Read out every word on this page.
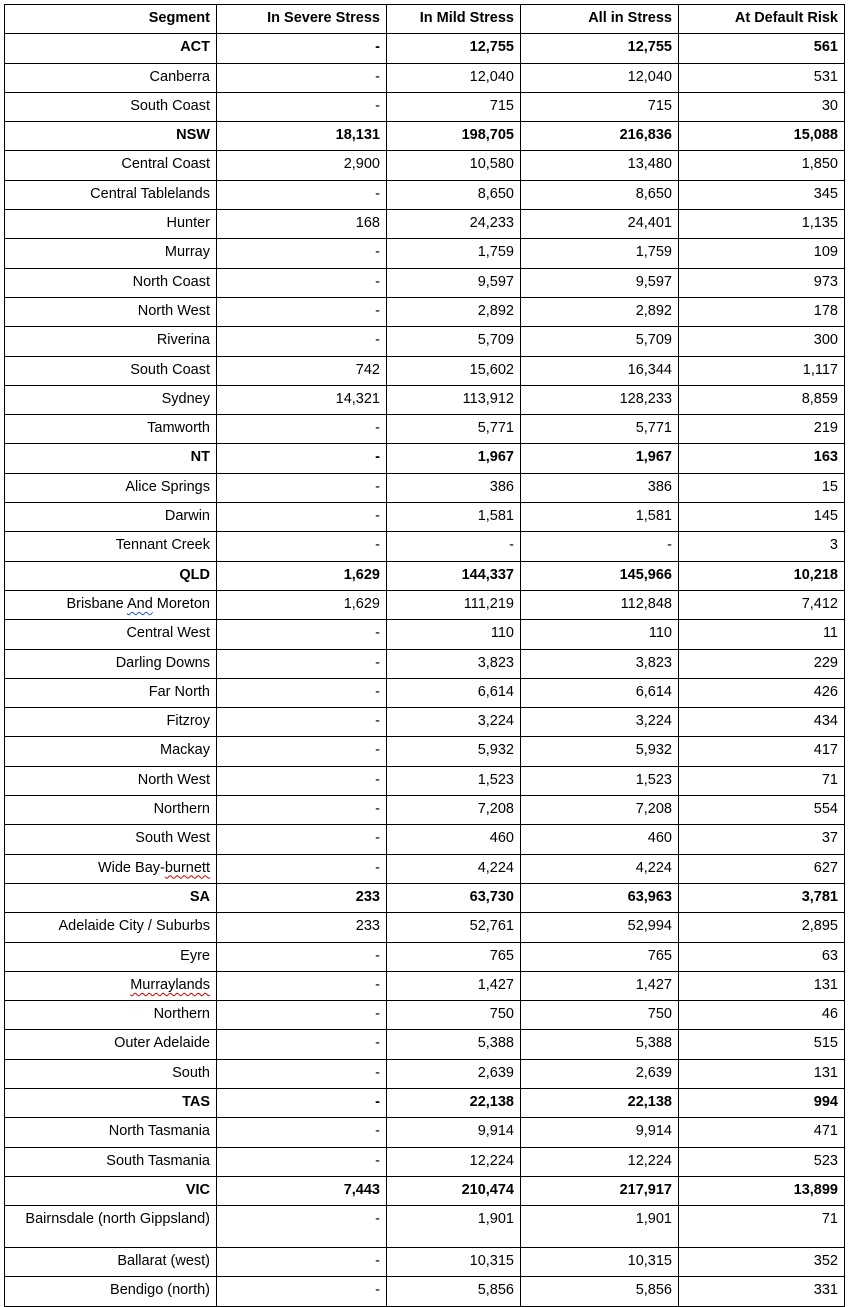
Segment	In Severe Stress	In Mild Stress	All in Stress	At Default Risk
ACT	-	12,755	12,755	561
Canberra	-	12,040	12,040	531
South Coast	-	715	715	30
NSW	18,131	198,705	216,836	15,088
Central Coast	2,900	10,580	13,480	1,850
Central Tablelands	-	8,650	8,650	345
Hunter	168	24,233	24,401	1,135
Murray	-	1,759	1,759	109
North Coast	-	9,597	9,597	973
North West	-	2,892	2,892	178
Riverina	-	5,709	5,709	300
South Coast	742	15,602	16,344	1,117
Sydney	14,321	113,912	128,233	8,859
Tamworth	-	5,771	5,771	219
NT	-	1,967	1,967	163
Alice Springs	-	386	386	15
Darwin	-	1,581	1,581	145
Tennant Creek	-	-	-	3
QLD	1,629	144,337	145,966	10,218
Brisbane And Moreton	1,629	111,219	112,848	7,412
Central West	-	110	110	11
Darling Downs	-	3,823	3,823	229
Far North	-	6,614	6,614	426
Fitzroy	-	3,224	3,224	434
Mackay	-	5,932	5,932	417
North West	-	1,523	1,523	71
Northern	-	7,208	7,208	554
South West	-	460	460	37
Wide Bay-burnett	-	4,224	4,224	627
SA	233	63,730	63,963	3,781
Adelaide City / Suburbs	233	52,761	52,994	2,895
Eyre	-	765	765	63
Murraylands	-	1,427	1,427	131
Northern	-	750	750	46
Outer Adelaide	-	5,388	5,388	515
South	-	2,639	2,639	131
TAS	-	22,138	22,138	994
North Tasmania	-	9,914	9,914	471
South Tasmania	-	12,224	12,224	523
VIC	7,443	210,474	217,917	13,899
Bairnsdale (north Gippsland)	-	1,901	1,901	71
Ballarat (west)	-	10,315	10,315	352
Bendigo (north)	-	5,856	5,856	331
